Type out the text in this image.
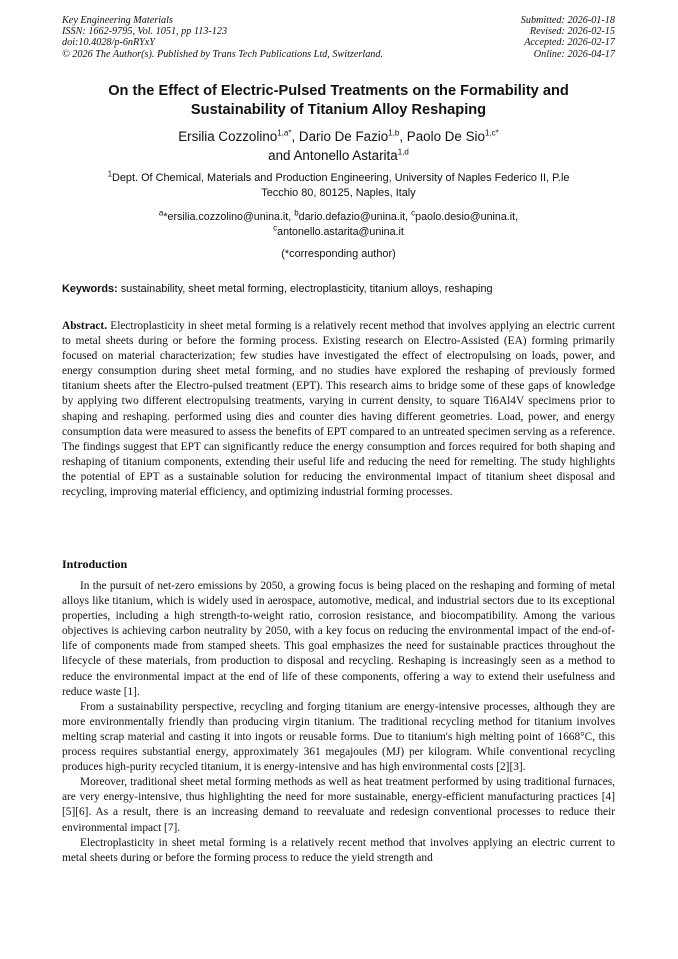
Key Engineering Materials
ISSN: 1662-9795, Vol. 1051, pp 113-123
doi:10.4028/p-6nRYxY
© 2026 The Author(s). Published by Trans Tech Publications Ltd, Switzerland.
Submitted: 2026-01-18
Revised: 2026-02-15
Accepted: 2026-02-17
Online: 2026-04-17
On the Effect of Electric-Pulsed Treatments on the Formability and
Sustainability of Titanium Alloy Reshaping
Ersilia Cozzolino$^{1,a*}$, Dario De Fazio$^{1,b}$, Paolo De Sio$^{1,c*}$
and Antonello Astarita$^{1,d}$
$^1$Dept. Of Chemical, Materials and Production Engineering, University of Naples Federico II, P.le
Tecchio 80, 80125, Naples, Italy
$^a$*ersilia.cozzolino@unina.it, $^b$dario.defazio@unina.it, $^c$paolo.desio@unina.it,
$^c$antonello.astarita@unina.it
(*corresponding author)
Keywords: sustainability, sheet metal forming, electroplasticity, titanium alloys, reshaping
Abstract. Electroplasticity in sheet metal forming is a relatively recent method that involves applying an electric current to metal sheets during or before the forming process. Existing research on Electro-Assisted (EA) forming primarily focused on material characterization; few studies have investigated the effect of electropulsing on loads, power, and energy consumption during sheet metal forming, and no studies have explored the reshaping of previously formed titanium sheets after the Electro-pulsed treatment (EPT). This research aims to bridge some of these gaps of knowledge by applying two different electropulsing treatments, varying in current density, to square Ti6Al4V specimens prior to shaping and reshaping. performed using dies and counter dies having different geometries. Load, power, and energy consumption data were measured to assess the benefits of EPT compared to an untreated specimen serving as a reference. The findings suggest that EPT can significantly reduce the energy consumption and forces required for both shaping and reshaping of titanium components, extending their useful life and reducing the need for remelting. The study highlights the potential of EPT as a sustainable solution for reducing the environmental impact of titanium sheet disposal and recycling, improving material efficiency, and optimizing industrial forming processes.
Introduction

In the pursuit of net-zero emissions by 2050, a growing focus is being placed on the reshaping and forming of metal alloys like titanium, which is widely used in aerospace, automotive, medical, and industrial sectors due to its exceptional properties, including a high strength-to-weight ratio, corrosion resistance, and biocompatibility. Among the various objectives is achieving carbon neutrality by 2050, with a key focus on reducing the environmental impact of the end-of-life of components made from stamped sheets. This goal emphasizes the need for sustainable practices throughout the lifecycle of these materials, from production to disposal and recycling. Reshaping is increasingly seen as a method to reduce the environmental impact at the end of life of these components, offering a way to extend their usefulness and reduce waste [1].

From a sustainability perspective, recycling and forging titanium are energy-intensive processes, although they are more environmentally friendly than producing virgin titanium. The traditional recycling method for titanium involves melting scrap material and casting it into ingots or reusable forms. Due to titanium's high melting point of 1668°C, this process requires substantial energy, approximately 361 megajoules (MJ) per kilogram. While conventional recycling produces high-purity recycled titanium, it is energy-intensive and has high environmental costs [2][3].

Moreover, traditional sheet metal forming methods as well as heat treatment performed by using traditional furnaces, are very energy-intensive, thus highlighting the need for more sustainable, energy-efficient manufacturing practices [4][5][6]. As a result, there is an increasing demand to reevaluate and redesign conventional processes to reduce their environmental impact [7].

Electroplasticity in sheet metal forming is a relatively recent method that involves applying an electric current to metal sheets during or before the forming process to reduce the yield strength and
